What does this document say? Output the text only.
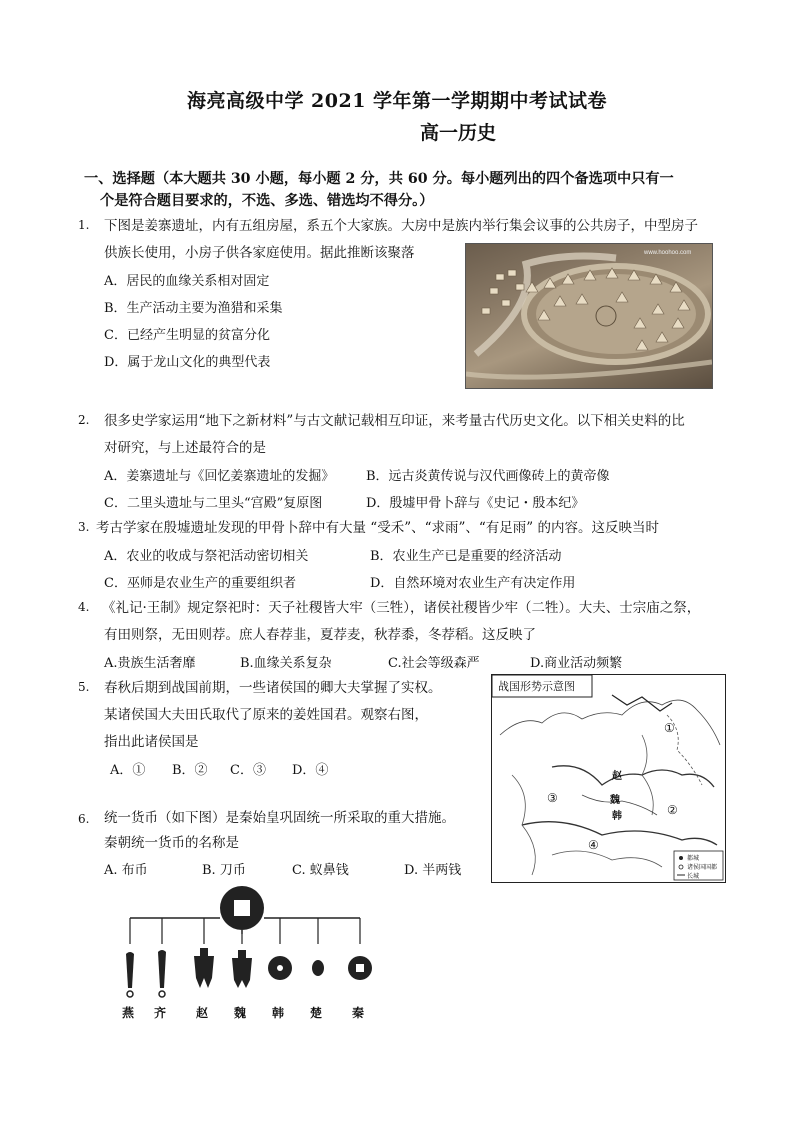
海亮高级中学 2021 学年第一学期期中考试试卷
高一历史
一、选择题（本大题共 30 小题，每小题 2 分，共 60 分。每小题列出的四个备选项中只有一
个是符合题目要求的，不选、多选、错选均不得分。）
1. 下图是姜寨遗址，内有五组房屋，系五个大家族。大房中是族内举行集会议事的公共房子，中型房子
供族长使用，小房子供各家庭使用。据此推断该聚落
A．居民的血缘关系相对固定
B．生产活动主要为渔猎和采集
C．已经产生明显的贫富分化
D．属于龙山文化的典型代表
www.hoohoo.com
2. 很多史学家运用“地下之新材料”与古文献记载相互印证，来考量古代历史文化。以下相关史料的比
对研究，与上述最符合的是
A．姜寨遗址与《回忆姜寨遗址的发掘》 B．远古炎黄传说与汉代画像砖上的黄帝像
C．二里头遗址与二里头“宫殿”复原图	D．殷墟甲骨卜辞与《史记・殷本纪》
3. 考古学家在殷墟遗址发现的甲骨卜辞中有大量 “受禾”、“求雨”、“有足雨” 的内容。这反映当时
A．农业的收成与祭祀活动密切相关	B．农业生产已是重要的经济活动
C．巫师是农业生产的重要组织者	D．自然环境对农业生产有决定作用
4. 《礼记·王制》规定祭祀时：天子社稷皆大牢（三牲），诸侯社稷皆少牢（二牲）。大夫、士宗庙之祭，
有田则祭，无田则荐。庶人春荐韭，夏荐麦，秋荐黍，冬荐稻。这反映了
A.贵族生活奢靡	B.血缘关系复杂	C.社会等级森严	D.商业活动频繁
5. 春秋后期到战国前期，一些诸侯国的卿大夫掌握了实权。
某诸侯国大夫田氏取代了原来的姜姓国君。观察右图，
指出此诸侯国是
A．① B．② C．③ D．④
战国形势示意图
①
②
③
④
赵
魏
韩
都城
诸侯国国都
长城
6. 统一货币（如下图）是秦始皇巩固统一所采取的重大措施。
秦朝统一货币的名称是
A. 布币	B. 刀币	C. 蚁鼻钱	D. 半两钱
燕 齐 赵 魏 韩 楚 秦
